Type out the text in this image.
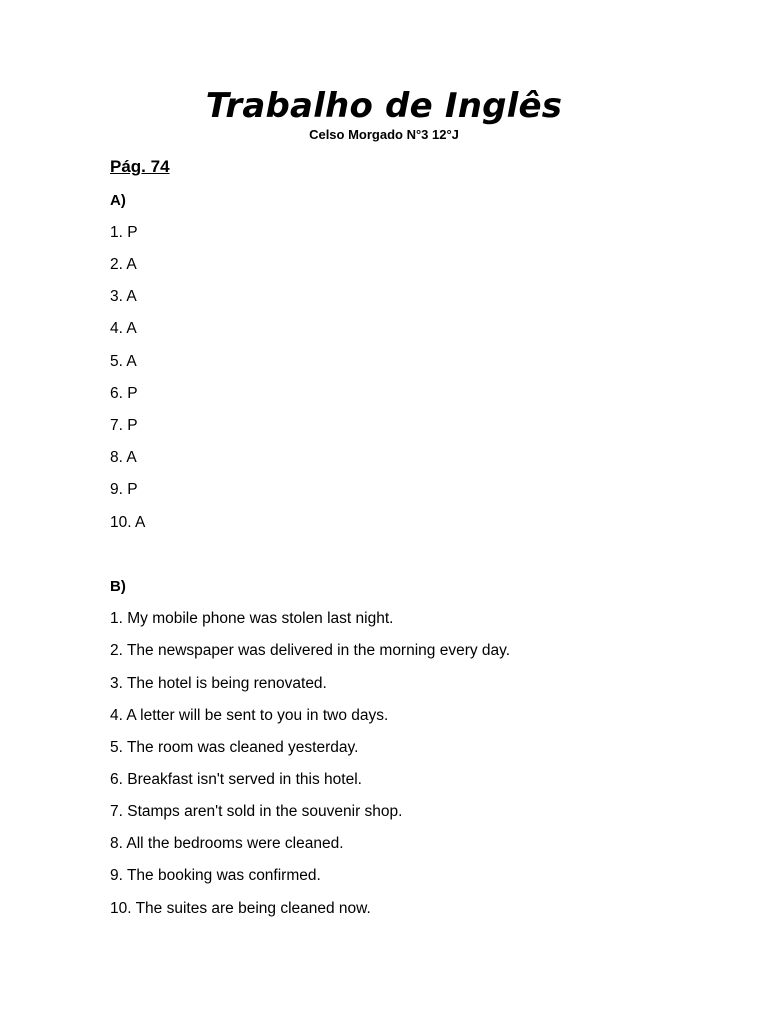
Trabalho de Inglês
Celso Morgado N°3 12°J
Pág. 74
A)
1. P
2. A
3. A
4. A
5. A
6. P
7. P
8. A
9. P
10. A
B)
1. My mobile phone was stolen last night.
2. The newspaper was delivered in the morning every day.
3. The hotel is being renovated.
4. A letter will be sent to you in two days.
5. The room was cleaned yesterday.
6. Breakfast isn't served in this hotel.
7. Stamps aren't sold in the souvenir shop.
8. All the bedrooms were cleaned.
9. The booking was confirmed.
10. The suites are being cleaned now.
